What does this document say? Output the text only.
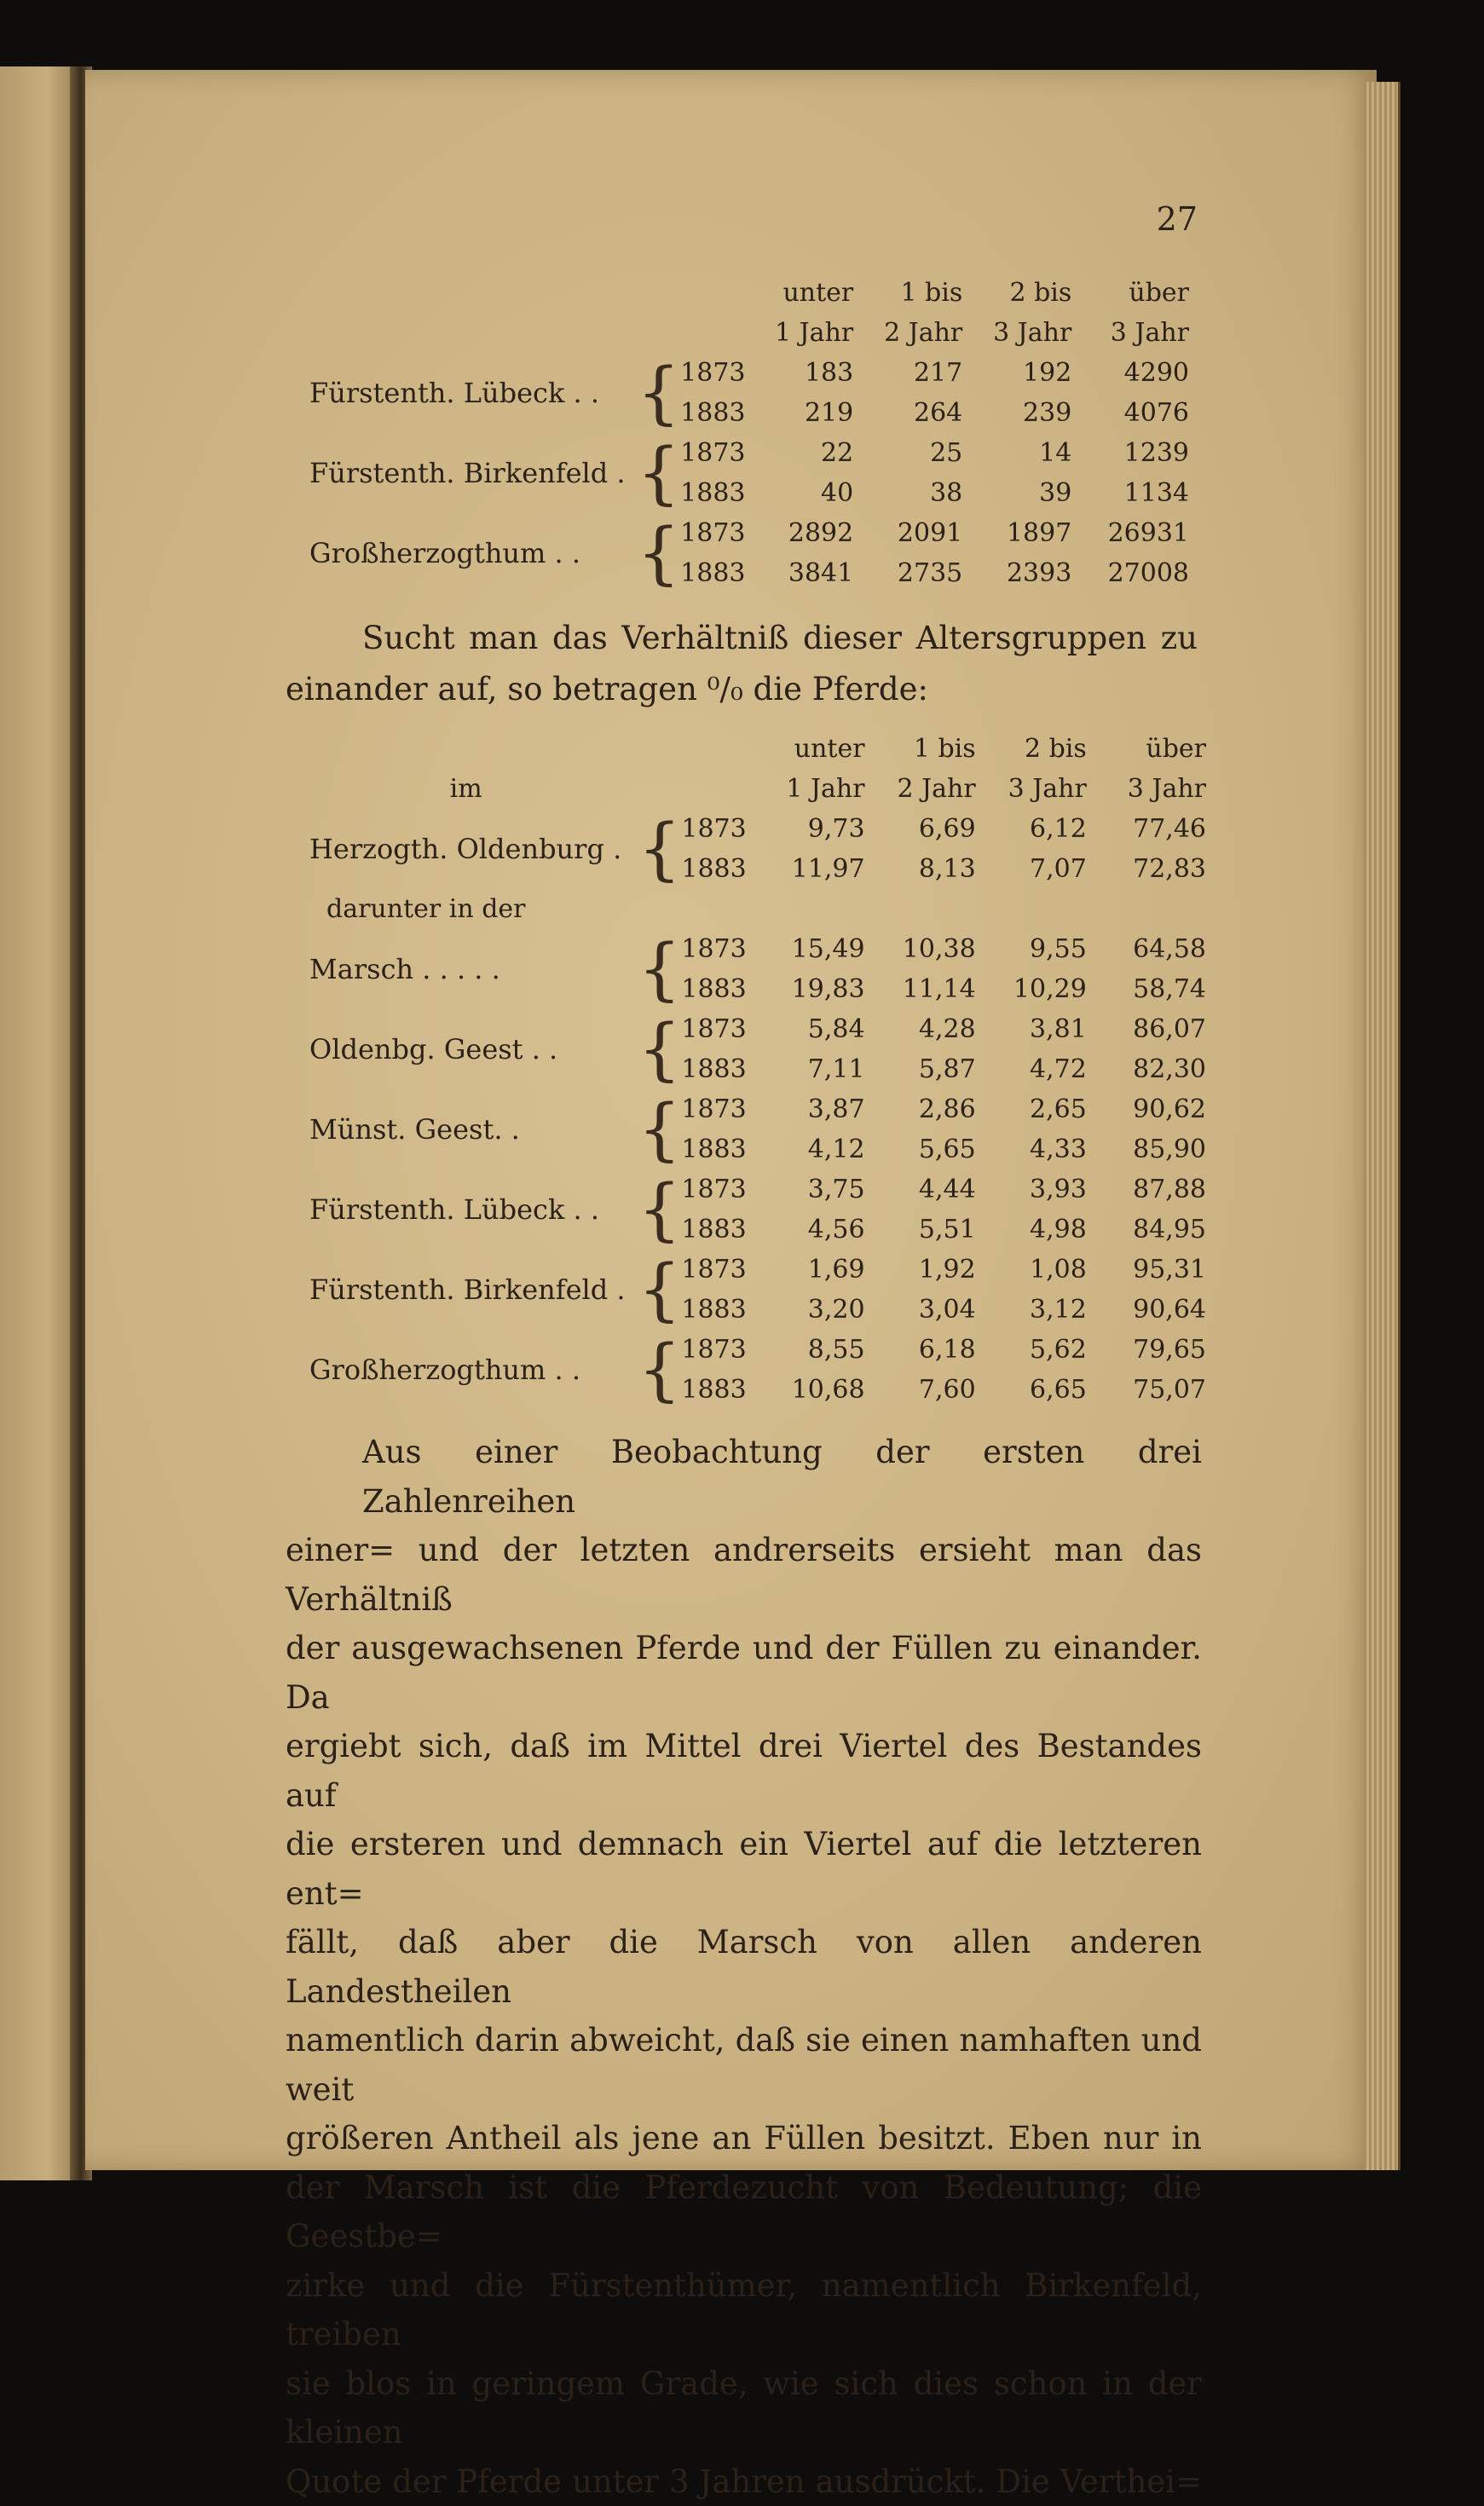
27
			unter	1 bis	2 bis	über
			1 Jahr	2 Jahr	3 Jahr	3 Jahr
Fürstenth. Lübeck . .	{	1873	183	217	192	4290
		1883	219	264	239	4076
Fürstenth. Birkenfeld .	{	1873	22	25	14	1239
		1883	40	38	39	1134
Großherzogthum . .	{	1873	2892	2091	1897	26931
		1883	3841	2735	2393	27008
Sucht man das Verhältniß dieser Altersgruppen zu
einander auf, so betragen ⁰/₀ die Pferde:
			unter	1 bis	2 bis	über
im			1 Jahr	2 Jahr	3 Jahr	3 Jahr
Herzogth. Oldenburg .	{	1873	9,73	6,69	6,12	77,46
		1883	11,97	8,13	7,07	72,83
darunter in der						
Marsch . . . . .	{	1873	15,49	10,38	9,55	64,58
		1883	19,83	11,14	10,29	58,74
Oldenbg. Geest . .	{	1873	5,84	4,28	3,81	86,07
		1883	7,11	5,87	4,72	82,30
Münst. Geest. .	{	1873	3,87	2,86	2,65	90,62
		1883	4,12	5,65	4,33	85,90
Fürstenth. Lübeck . .	{	1873	3,75	4,44	3,93	87,88
		1883	4,56	5,51	4,98	84,95
Fürstenth. Birkenfeld .	{	1873	1,69	1,92	1,08	95,31
		1883	3,20	3,04	3,12	90,64
Großherzogthum . .	{	1873	8,55	6,18	5,62	79,65
		1883	10,68	7,60	6,65	75,07
Aus einer Beobachtung der ersten drei Zahlenreihen
einer= und der letzten andrerseits ersieht man das Verhältniß
der ausgewachsenen Pferde und der Füllen zu einander. Da
ergiebt sich, daß im Mittel drei Viertel des Bestandes auf
die ersteren und demnach ein Viertel auf die letzteren ent=
fällt, daß aber die Marsch von allen anderen Landestheilen
namentlich darin abweicht, daß sie einen namhaften und weit
größeren Antheil als jene an Füllen besitzt. Eben nur in
der Marsch ist die Pferdezucht von Bedeutung; die Geestbe=
zirke und die Fürstenthümer, namentlich Birkenfeld, treiben
sie blos in geringem Grade, wie sich dies schon in der kleinen
Quote der Pferde unter 3 Jahren ausdrückt. Die Verthei=
